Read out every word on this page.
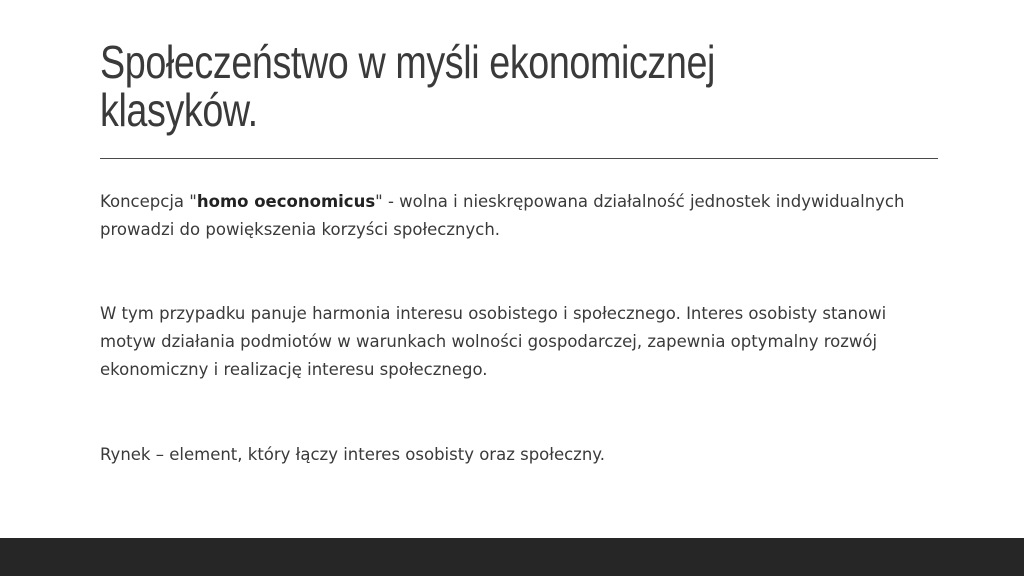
Społeczeństwo w myśli ekonomicznej
klasyków.

Koncepcja "homo oeconomicus" - wolna i nieskrępowana działalność jednostek indywidualnych prowadzi do powiększenia korzyści społecznych.

W tym przypadku panuje harmonia interesu osobistego i społecznego. Interes osobisty stanowi motyw działania podmiotów w warunkach wolności gospodarczej, zapewnia optymalny rozwój ekonomiczny i realizację interesu społecznego.

Rynek – element, który łączy interes osobisty oraz społeczny.
